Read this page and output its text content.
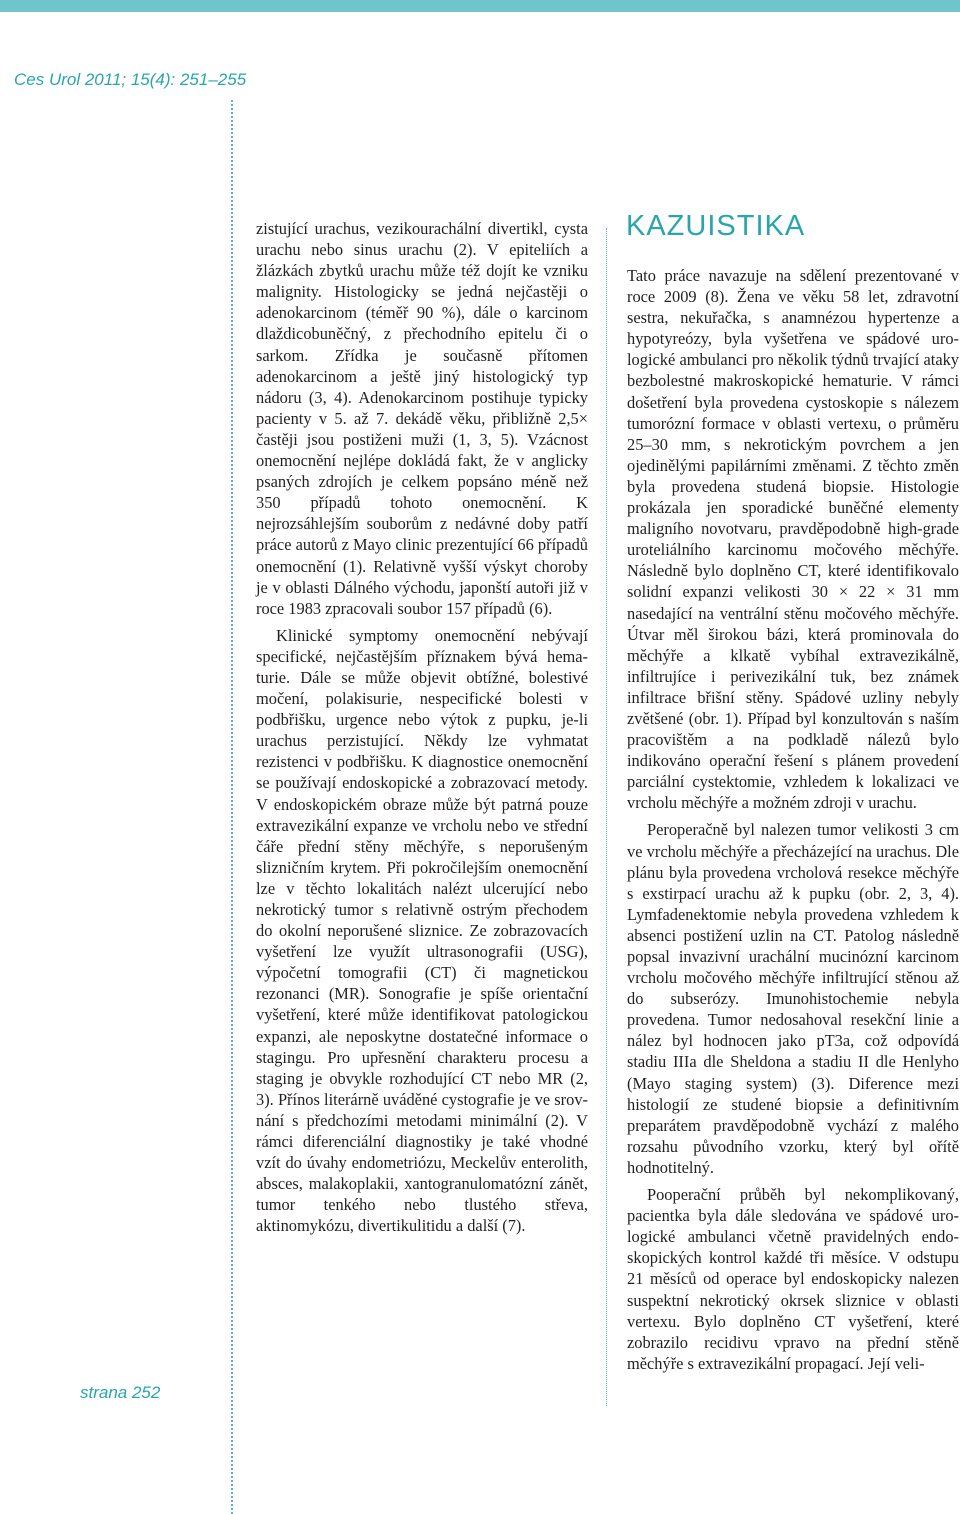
Ces Urol 2011; 15(4): 251–255
strana 252

zistující urachus, vezikourachální divertikl, cysta urachu nebo sinus urachu (2). V epiteliích a žlázkách zbytků urachu může též dojít ke vzniku malignity. Histologicky se jedná nejčastěji o adenokarcinom (téměř 90 %), dále o karcinom dlaždicobuněčný, z přechodního epitelu či o sarkom. Zřídka je současně přítomen adenokarcinom a ještě jiný histologický typ nádoru (3, 4). Adenokarcinom postihuje typicky pacienty v 5. až 7. dekádě věku, přibližně 2,5× častěji jsou postiženi muži (1, 3, 5). Vzácnost onemocnění nejlépe dokládá fakt, že v anglicky psaných zdrojích je celkem popsáno méně než 350 případů tohoto onemocnění. K nejrozsáhlejším souborům z nedávné doby patří práce autorů z Mayo clinic prezentující 66 případů onemocnění (1). Relativně vyšší výskyt choroby je v oblasti Dálného východu, japonští autoři již v roce 1983 zpracovali soubor 157 případů (6).

Klinické symptomy onemocnění nebývají specifické, nejčastějším příznakem bývá hematurie. Dále se může objevit obtížné, bolestivé močení, polakisurie, nespecifické bolesti v podbřišku, urgence nebo výtok z pupku, je-li urachus perzistující. Někdy lze vyhmatat rezistenci v podbřišku. K diagnostice onemocnění se používají endoskopické a zobrazovací metody. V endoskopickém obraze může být patrná pouze extravezikální expanze ve vrcholu nebo ve střední čáře přední stěny měchýře, s neporušeným slizničním krytem. Při pokročilejším onemocnění lze v těchto lokalitách nalézt ulcerující nebo nekrotický tumor s relativně ostrým přechodem do okolní neporušené sliznice. Ze zobrazovacích vyšetření lze využít ultrasonografii (USG), výpočetní tomografii (CT) či magnetickou rezonanci (MR). Sonografie je spíše orientační vyšetření, které může identifikovat patologickou expanzi, ale neposkytne dostatečné informace o stagingu. Pro upřesnění charakteru procesu a staging je obvykle rozhodující CT nebo MR (2, 3). Přínos literárně uváděné cystografie je ve srovnání s předchozími metodami minimální (2). V rámci diferenciální diagnostiky je také vhodné vzít do úvahy endometriózu, Meckelův enterolith, absces, malakoplakii, xantogranulomatózní zánět, tumor tenkého nebo tlustého střeva, aktinomykózu, divertikulitidu a další (7).

KAZUISTIKA

Tato práce navazuje na sdělení prezentované v roce 2009 (8). Žena ve věku 58 let, zdravotní sestra, nekuřačka, s anamnézou hypertenze a hypotyreózy, byla vyšetřena ve spádové urologické ambulanci pro několik týdnů trvající ataky bezbolestné makroskopické hematurie. V rámci došetření byla provedena cystoskopie s nálezem tumorózní formace v oblasti vertexu, o průměru 25–30 mm, s nekrotickým povrchem a jen ojedinělými papilárními změnami. Z těchto změn byla provedena studená biopsie. Histologie prokázala jen sporadické buněčné elementy maligního novotvaru, pravděpodobně high-grade uroteliálního karcinomu močového měchýře. Následně bylo doplněno CT, které identifikovalo solidní expanzi velikosti 30 × 22 × 31 mm nasedající na ventrální stěnu močového měchýře. Útvar měl širokou bázi, která prominovala do měchýře a klkatě vybíhal extravezikálně, infiltrujíce i perivezikální tuk, bez známek infiltrace břišní stěny. Spádové uzliny nebyly zvětšené (obr. 1). Případ byl konzultován s naším pracovištěm a na podkladě nálezů bylo indikováno operační řešení s plánem provedení parciální cystektomie, vzhledem k lokalizaci ve vrcholu měchýře a možném zdroji v urachu.

Peroperačně byl nalezen tumor velikosti 3 cm ve vrcholu měchýře a přecházející na urachus. Dle plánu byla provedena vrcholová resekce měchýře s exstirpací urachu až k pupku (obr. 2, 3, 4). Lymfadenektomie nebyla provedena vzhledem k absenci postižení uzlin na CT. Patolog následně popsal invazivní urachální mucinózní karcinom vrcholu močového měchýře infiltrující stěnou až do subserózy. Imunohistochemie nebyla provedena. Tumor nedosahoval resekční linie a nález byl hodnocen jako pT3a, což odpovídá stadiu IIIa dle Sheldona a stadiu II dle Henlyho (Mayo staging system) (3). Diference mezi histologií ze studené biopsie a definitivním preparátem pravděpodobně vychází z malého rozsahu původního vzorku, který byl ořítě hodnotitelný.

Pooperační průběh byl nekomplikovaný, pacientka byla dále sledována ve spádové urologické ambulanci včetně pravidelných endoskopických kontrol každé tři měsíce. V odstupu 21 měsíců od operace byl endoskopicky nalezen suspektní nekrotický okrsek sliznice v oblasti vertexu. Bylo doplněno CT vyšetření, které zobrazilo recidivu vpravo na přední stěně měchýře s extravezikální propagací. Její veli-
